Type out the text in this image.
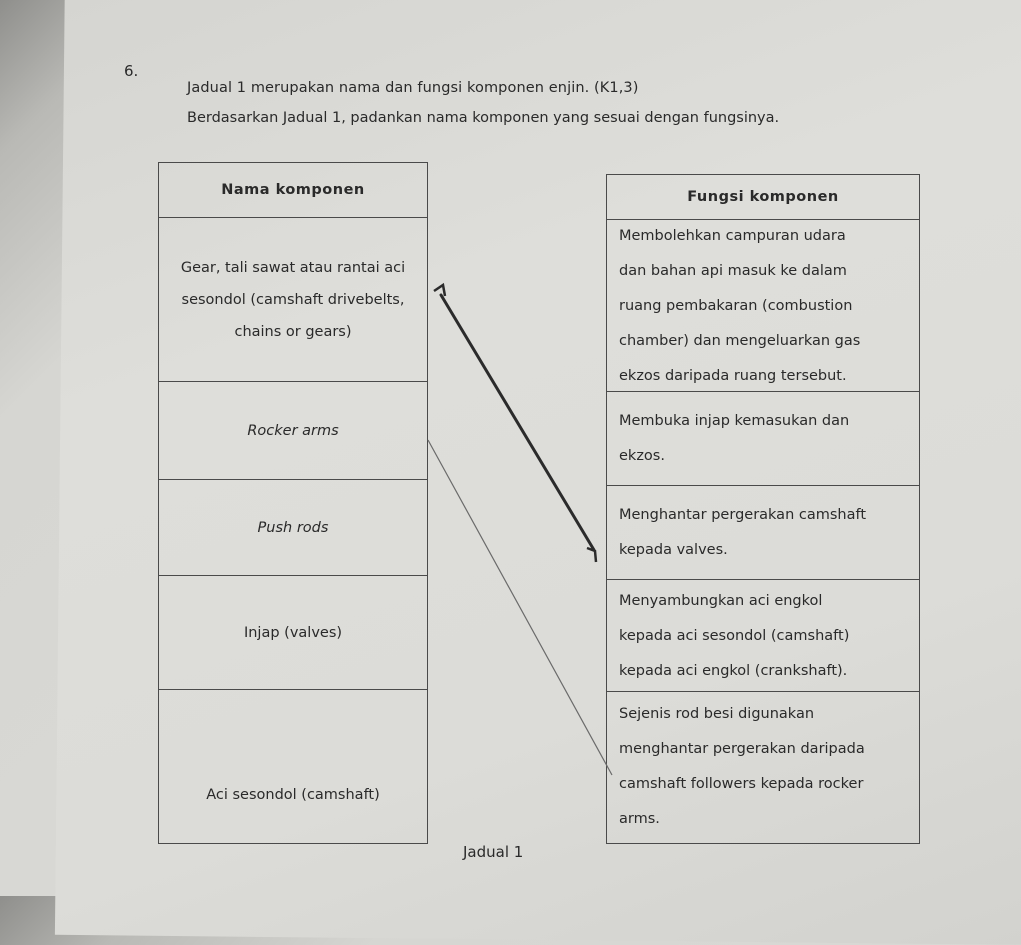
6.
Jadual 1 merupakan nama dan fungsi komponen enjin. (K1,3)
Berdasarkan Jadual 1, padankan nama komponen yang sesuai dengan fungsinya.
Nama komponen
Gear, tali sawat atau rantai aci
sesondol (camshaft drivebelts,
chains or gears)
Rocker arms
Push rods
Injap (valves)
Aci sesondol (camshaft)
Fungsi komponen
Membolehkan campuran udara
dan bahan api masuk ke dalam
ruang pembakaran (combustion
chamber) dan mengeluarkan gas
ekzos daripada ruang tersebut.
Membuka injap kemasukan dan
ekzos.
Menghantar pergerakan camshaft
kepada valves.
Menyambungkan aci engkol
kepada aci sesondol (camshaft)
kepada aci engkol (crankshaft).
Sejenis rod besi digunakan
menghantar pergerakan daripada
camshaft followers kepada rocker
arms.
Jadual 1
